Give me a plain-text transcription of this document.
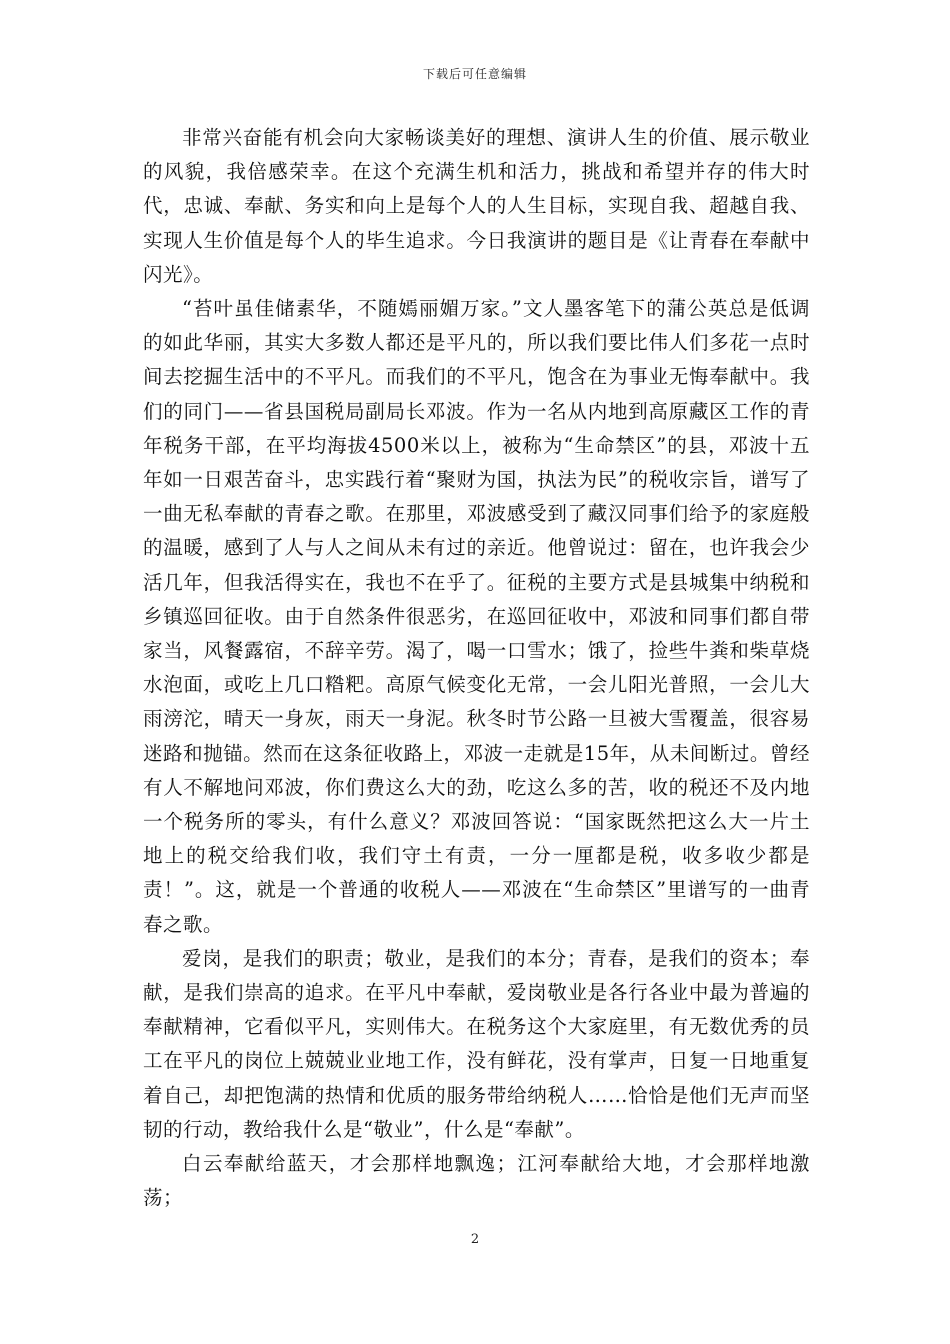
下载后可任意编辑

非常兴奋能有机会向大家畅谈美好的理想、演讲人生的价值、展示敬业的风貌，我倍感荣幸。在这个充满生机和活力，挑战和希望并存的伟大时代，忠诚、奉献、务实和向上是每个人的人生目标，实现自我、超越自我、实现人生价值是每个人的毕生追求。今日我演讲的题目是《让青春在奉献中闪光》。

“苔叶虽佳储素华，不随嫣丽媚万家。”文人墨客笔下的蒲公英总是低调的如此华丽，其实大多数人都还是平凡的，所以我们要比伟人们多花一点时间去挖掘生活中的不平凡。而我们的不平凡，饱含在为事业无悔奉献中。我们的同门——省县国税局副局长邓波。作为一名从内地到高原藏区工作的青年税务干部，在平均海拔4500米以上，被称为“生命禁区”的县，邓波十五年如一日艰苦奋斗，忠实践行着“聚财为国，执法为民”的税收宗旨，谱写了一曲无私奉献的青春之歌。在那里，邓波感受到了藏汉同事们给予的家庭般的温暖，感到了人与人之间从未有过的亲近。他曾说过：留在，也许我会少活几年，但我活得实在，我也不在乎了。征税的主要方式是县城集中纳税和乡镇巡回征收。由于自然条件很恶劣，在巡回征收中，邓波和同事们都自带家当，风餐露宿，不辞辛劳。渴了，喝一口雪水；饿了，捡些牛粪和柴草烧水泡面，或吃上几口糌粑。高原气候变化无常，一会儿阳光普照，一会儿大雨滂沱，晴天一身灰，雨天一身泥。秋冬时节公路一旦被大雪覆盖，很容易迷路和抛锚。然而在这条征收路上，邓波一走就是15年，从未间断过。曾经有人不解地问邓波，你们费这么大的劲，吃这么多的苦，收的税还不及内地一个税务所的零头，有什么意义？邓波回答说：“国家既然把这么大一片土地上的税交给我们收，我们守土有责，一分一厘都是税，收多收少都是责！”。这，就是一个普通的收税人——邓波在“生命禁区”里谱写的一曲青春之歌。

爱岗，是我们的职责；敬业，是我们的本分；青春，是我们的资本；奉献，是我们崇高的追求。在平凡中奉献，爱岗敬业是各行各业中最为普遍的奉献精神，它看似平凡，实则伟大。在税务这个大家庭里，有无数优秀的员工在平凡的岗位上兢兢业业地工作，没有鲜花，没有掌声，日复一日地重复着自己，却把饱满的热情和优质的服务带给纳税人……恰恰是他们无声而坚韧的行动，教给我什么是“敬业”，什么是“奉献”。

白云奉献给蓝天，才会那样地飘逸；江河奉献给大地，才会那样地激荡；

2
